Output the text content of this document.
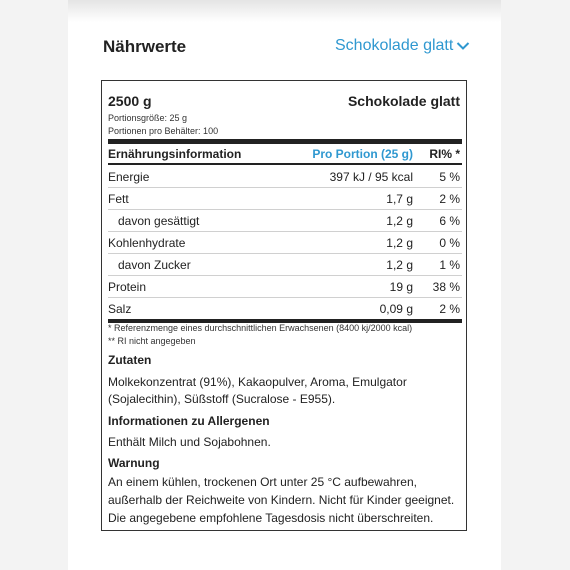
Nährwerte	Schokolade glatt
2500 g	Schokolade glatt
Portionsgröße: 25 g
Portionen pro Behälter: 100
Ernährungsinformation	Pro Portion (25 g) RI% *
Energie	397 kJ / 95 kcal 5 %
Fett	1,7 g 2 %
davon gesättigt	1,2 g 6 %
Kohlenhydrate	1,2 g 0 %
davon Zucker	1,2 g 1 %
Protein	19 g 38 %
Salz	0,09 g 2 %
* Referenzmenge eines durchschnittlichen Erwachsenen (8400 kj/2000 kcal)
** RI nicht angegeben
Zutaten
Molkekonzentrat (91%), Kakaopulver, Aroma, Emulgator
(Sojalecithin), Süßstoff (Sucralose - E955).
Informationen zu Allergenen
Enthält Milch und Sojabohnen.
Warnung
An einem kühlen, trockenen Ort unter 25 °C aufbewahren,
außerhalb der Reichweite von Kindern. Nicht für Kinder geeignet.
Die angegebene empfohlene Tagesdosis nicht überschreiten.
